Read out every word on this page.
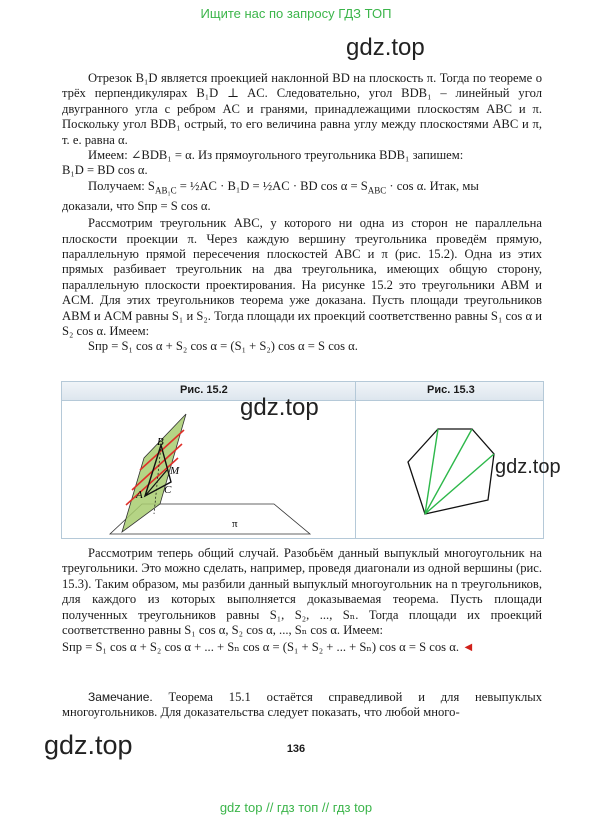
Ищите нас по запросу ГДЗ ТОП
gdz.top

Отрезок B₁D является проекцией наклонной BD на плоскость π. Тогда по теореме о трёх перпендикулярах B₁D ⊥ AC. Следовательно, угол BDB₁ – линейный угол двугранного угла с ребром AC и гранями, принадлежащими плоскостям ABC и π. Поскольку угол BDB₁ острый, то его величина равна углу между плоскостями ABC и π, т. е. равна α.

Имеем: ∠BDB₁ = α. Из прямоугольного треугольника BDB₁ запишем:

B₁D = BD cos α.

Получаем: $S_{AB_1C}$ = ½AC · B₁D = ½AC · BD $\cos \alpha = S_{ABC} \cdot \cos \alpha$. Итак, мы

доказали, что Sпр = S cos α.

Рассмотрим треугольник ABC, у которого ни одна из сторон не параллельна плоскости проекции π. Через каждую вершину треугольника проведём прямую, параллельную прямой пересечения плоскостей ABC и π (рис. 15.2). Одна из этих прямых разбивает треугольник на два треугольника, имеющих общую сторону, параллельную плоскости проектирования. На рисунке 15.2 это треугольники ABM и ACM. Для этих треугольников теорема уже доказана. Пусть площади треугольников ABM и ACM равны S₁ и S₂. Тогда площади их проекций соответственно равны S₁ cos α и S₂ cos α. Имеем:

Sпр = S₁ cos α + S₂ cos α = (S₁ + S₂) cos α = S cos α.

Рис. 15.2	Рис. 15.3
B
M
A C
π
gdz.top
gdz.top

Рассмотрим теперь общий случай. Разобьём данный выпуклый многоугольник на треугольники. Это можно сделать, например, проведя диагонали из одной вершины (рис. 15.3). Таким образом, мы разбили данный выпуклый многоугольник на n треугольников, для каждого из которых выполняется доказываемая теорема. Пусть площади полученных треугольников равны S₁, S₂, ..., Sₙ. Тогда площади их проекций соответственно равны S₁ cos α, S₂ cos α, ..., Sₙ cos α. Имеем:

Sпр = S₁ cos α + S₂ cos α + ... + Sₙ cos α = (S₁ + S₂ + ... + Sₙ) cos α = S cos α. ◄

Замечание. Теорема 15.1 остаётся справедливой и для невыпуклых многоугольников. Для доказательства следует показать, что любой много-

gdz.top	136
gdz top // гдз топ // гдз top
